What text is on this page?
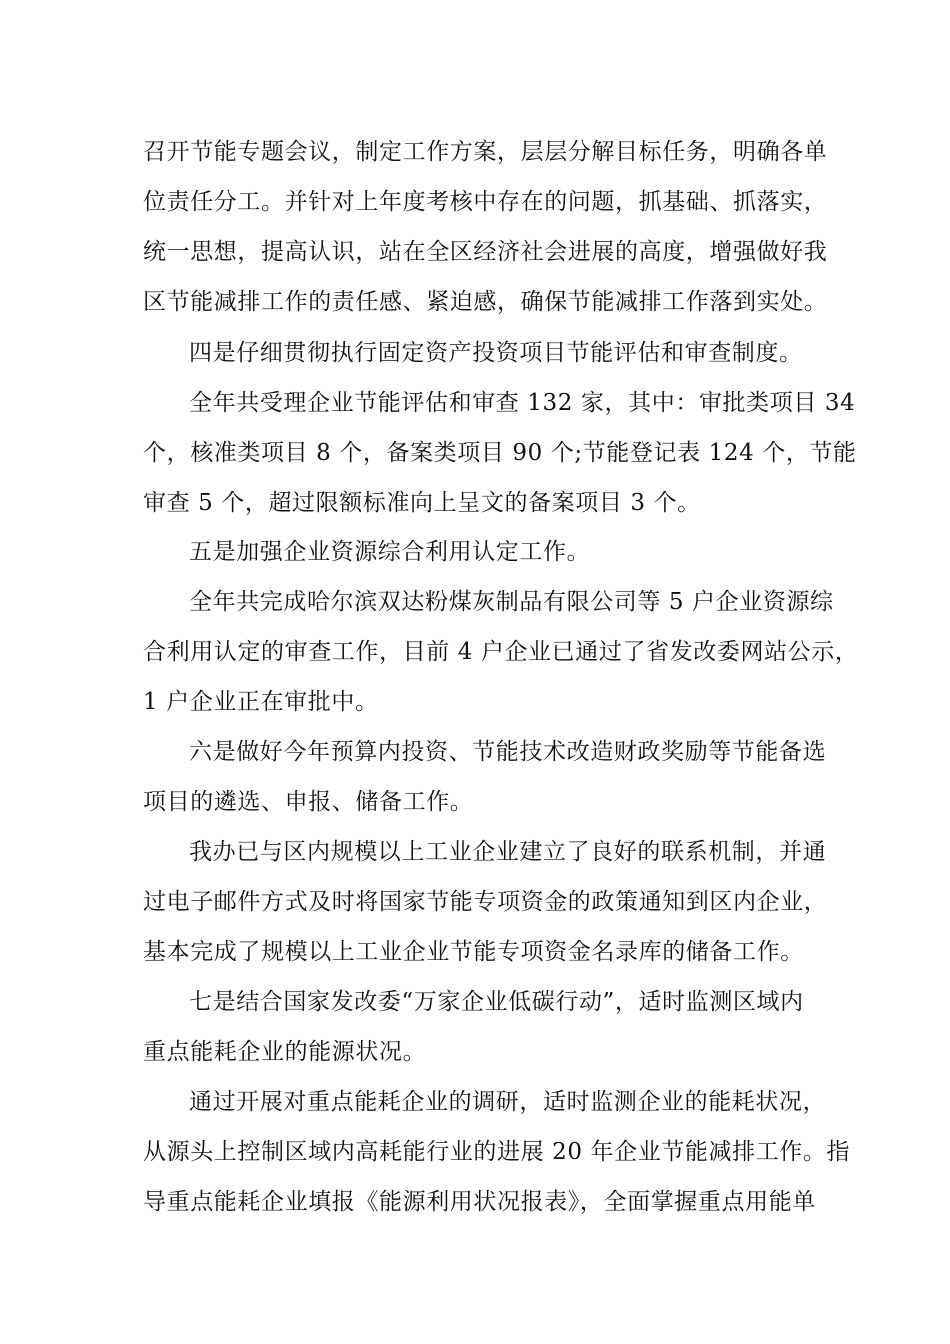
召开节能专题会议，制定工作方案，层层分解目标任务，明确各单
位责任分工。并针对上年度考核中存在的问题，抓基础、抓落实，
统一思想，提高认识，站在全区经济社会进展的高度，增强做好我
区节能减排工作的责任感、紧迫感，确保节能减排工作落到实处。
四是仔细贯彻执行固定资产投资项目节能评估和审查制度。
全年共受理企业节能评估和审查 132 家，其中：审批类项目 34
个，核准类项目 8 个，备案类项目 90 个;节能登记表 124 个，节能
审查 5 个，超过限额标准向上呈文的备案项目 3 个。
五是加强企业资源综合利用认定工作。
全年共完成哈尔滨双达粉煤灰制品有限公司等 5 户企业资源综
合利用认定的审查工作，目前 4 户企业已通过了省发改委网站公示，
1 户企业正在审批中。
六是做好今年预算内投资、节能技术改造财政奖励等节能备选
项目的遴选、申报、储备工作。
我办已与区内规模以上工业企业建立了良好的联系机制，并通
过电子邮件方式及时将国家节能专项资金的政策通知到区内企业，
基本完成了规模以上工业企业节能专项资金名录库的储备工作。
七是结合国家发改委“万家企业低碳行动”，适时监测区域内
重点能耗企业的能源状况。
通过开展对重点能耗企业的调研，适时监测企业的能耗状况，
从源头上控制区域内高耗能行业的进展 20 年企业节能减排工作。指
导重点能耗企业填报《能源利用状况报表》，全面掌握重点用能单
